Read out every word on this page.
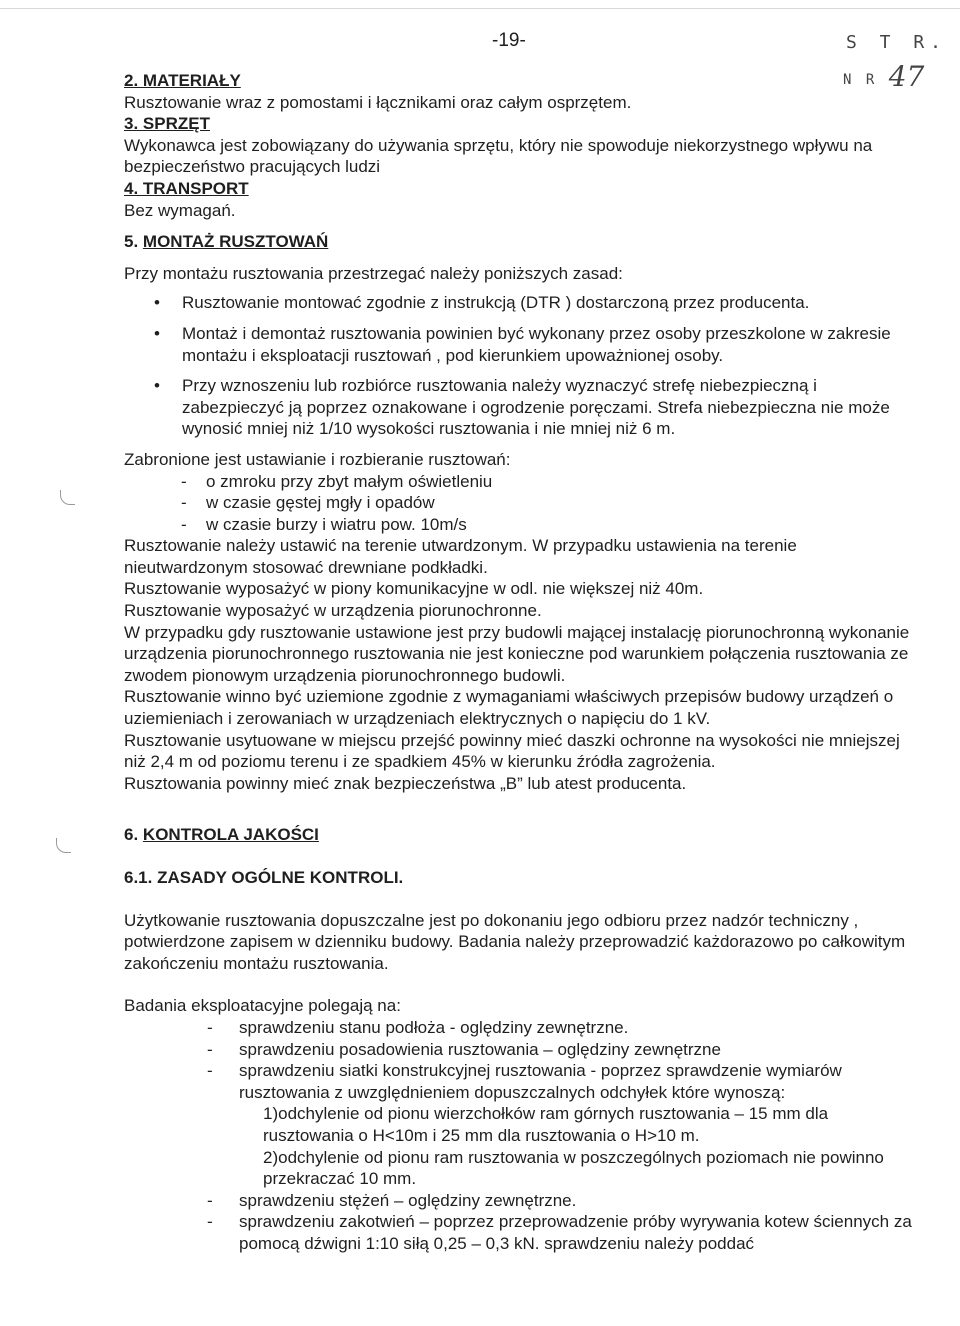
-19-	S T R.
N R 47

2. MATERIAŁY

Rusztowanie wraz z pomostami i łącznikami oraz całym osprzętem.

3. SPRZĘT

Wykonawca jest zobowiązany do używania sprzętu, który nie spowoduje niekorzystnego wpływu na bezpieczeństwo pracujących ludzi

4. TRANSPORT

Bez wymagań.

5. MONTAŻ RUSZTOWAŃ

Przy montażu rusztowania przestrzegać należy poniższych zasad:

• Rusztowanie montować zgodnie z instrukcją (DTR ) dostarczoną przez producenta.
• Montaż i demontaż rusztowania powinien być wykonany przez osoby przeszkolone w zakresie montażu i eksploatacji rusztowań , pod kierunkiem upoważnionej osoby.
• Przy wznoszeniu lub rozbiórce rusztowania należy wyznaczyć strefę niebezpieczną i zabezpieczyć ją poprzez oznakowane i ogrodzenie poręczami. Strefa niebezpieczna nie może wynosić mniej niż 1/10 wysokości rusztowania i nie mniej niż 6 m.

Zabronione jest ustawianie i rozbieranie rusztowań:

- o zmroku przy zbyt małym oświetleniu
- w czasie gęstej mgły i opadów
- w czasie burzy i wiatru pow. 10m/s

Rusztowanie należy ustawić na terenie utwardzonym. W przypadku ustawienia na terenie nieutwardzonym stosować drewniane podkładki.

Rusztowanie wyposażyć w piony komunikacyjne w odl. nie większej niż 40m.

Rusztowanie wyposażyć w urządzenia piorunochronne.

W przypadku gdy rusztowanie ustawione jest przy budowli mającej instalację piorunochronną wykonanie urządzenia piorunochronnego rusztowania nie jest konieczne pod warunkiem połączenia rusztowania ze zwodem pionowym urządzenia piorunochronnego budowli.

Rusztowanie winno być uziemione zgodnie z wymaganiami właściwych przepisów budowy urządzeń o uziemieniach i zerowaniach w urządzeniach elektrycznych o napięciu do 1 kV.

Rusztowanie usytuowane w miejscu przejść powinny mieć daszki ochronne na wysokości nie mniejszej niż 2,4 m od poziomu terenu i ze spadkiem 45% w kierunku źródła zagrożenia.

Rusztowania powinny mieć znak bezpieczeństwa „B” lub atest producenta.

6. KONTROLA JAKOŚCI

6.1. ZASADY OGÓLNE KONTROLI.

Użytkowanie rusztowania dopuszczalne jest po dokonaniu jego odbioru przez nadzór techniczny , potwierdzone zapisem w dzienniku budowy. Badania należy przeprowadzić każdorazowo po całkowitym zakończeniu montażu rusztowania.

Badania eksploatacyjne polegają na:

- sprawdzeniu stanu podłoża - oględziny zewnętrzne.
- sprawdzeniu posadowienia rusztowania – oględziny zewnętrzne
- sprawdzeniu siatki konstrukcyjnej rusztowania - poprzez sprawdzenie wymiarów rusztowania z uwzględnieniem dopuszczalnych odchyłek które wynoszą:
1)odchylenie od pionu wierzchołków ram górnych rusztowania – 15 mm dla rusztowania o H<10m i 25 mm dla rusztowania o H>10 m.
2)odchylenie od pionu ram rusztowania w poszczególnych poziomach nie powinno przekraczać 10 mm.
- sprawdzeniu stężeń – oględziny zewnętrzne.
- sprawdzeniu zakotwień – poprzez przeprowadzenie próby wyrywania kotew ściennych za pomocą dźwigni 1:10 siłą 0,25 – 0,3 kN. sprawdzeniu należy poddać
